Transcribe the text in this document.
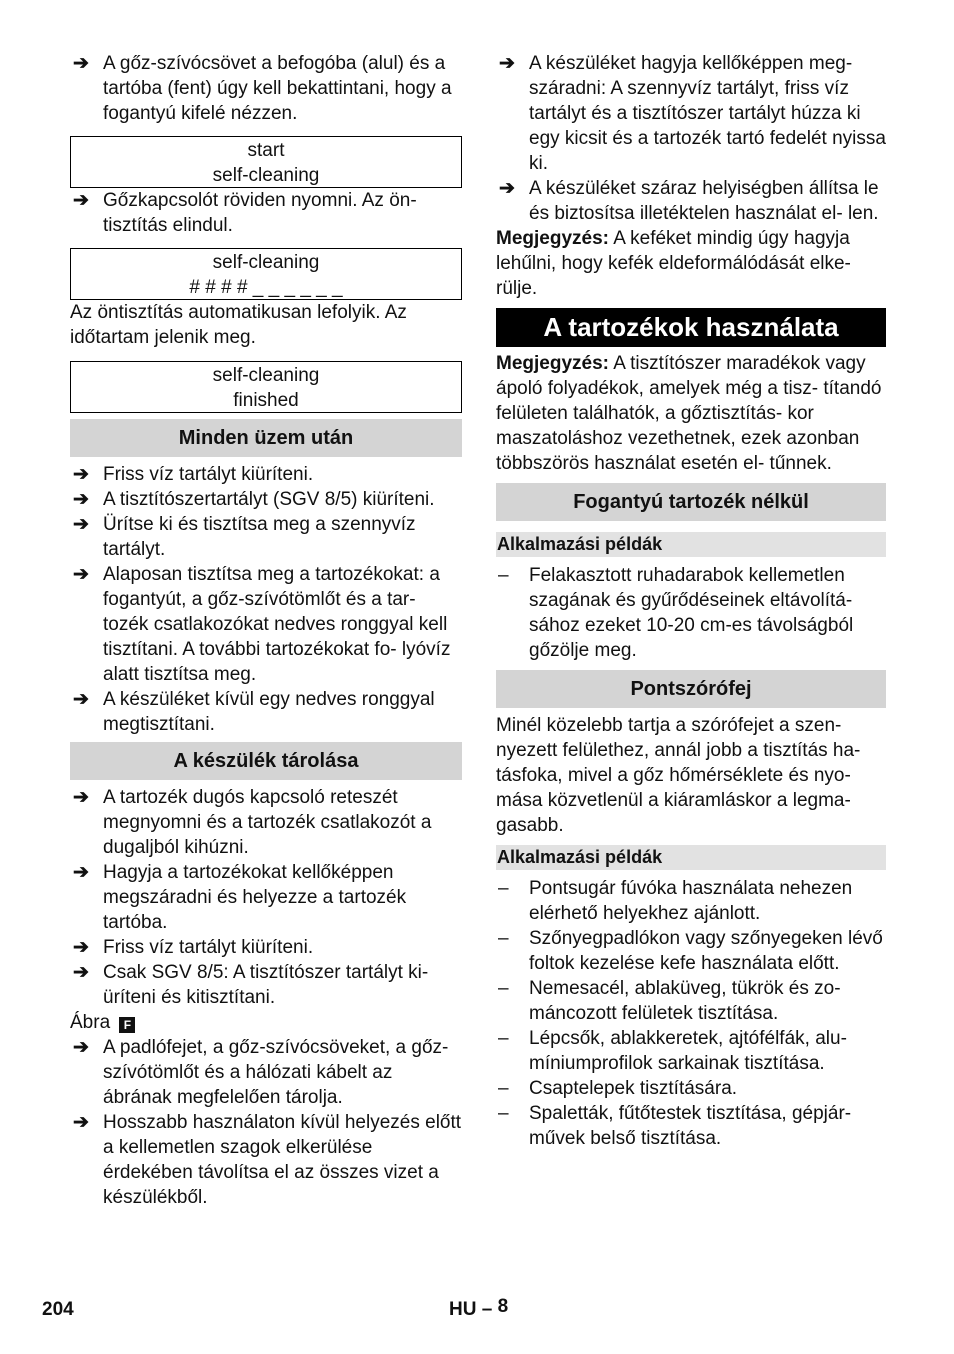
➔ A gőz-szívócsövet a befogóba (alul) és a tartóba (fent) úgy kell bekattintani, hogy a fogantyú kifelé nézzen.
start
self-cleaning
➔ Gőzkapcsolót röviden nyomni. Az ön- tisztítás elindul.
self-cleaning
# # # # _ _ _ _ _ _
Az öntisztítás automatikusan lefolyik. Az időtartam jelenik meg.
self-cleaning
finished
Minden üzem után
➔ Friss víz tartályt kiüríteni.
➔ A tisztítószertartályt (SGV 8/5) kiüríteni.
➔ Ürítse ki és tisztítsa meg a szennyvíz tartályt.
➔ Alaposan tisztítsa meg a tartozékokat: a fogantyút, a gőz-szívótömlőt és a tar- tozék csatlakozókat nedves ronggyal kell tisztítani. A további tartozékokat fo- lyóvíz alatt tisztítsa meg.
➔ A készüléket kívül egy nedves ronggyal megtisztítani.
A készülék tárolása
➔ A tartozék dugós kapcsoló reteszét megnyomni és a tartozék csatlakozót a dugaljból kihúzni.
➔ Hagyja a tartozékokat kellőképpen megszáradni és helyezze a tartozék tartóba.
➔ Friss víz tartályt kiüríteni.
➔ Csak SGV 8/5: A tisztítószer tartályt ki- üríteni és kitisztítani.
Ábra F
➔ A padlófejet, a gőz-szívócsöveket, a gőz-szívótömlőt és a hálózati kábelt az ábrának megfelelően tárolja.
➔ Hosszabb használaton kívül helyezés előtt a kellemetlen szagok elkerülése érdekében távolítsa el az összes vizet a készülékből.
➔ A készüléket hagyja kellőképpen meg- száradni: A szennyvíz tartályt, friss víz tartályt és a tisztítószer tartályt húzza ki egy kicsit és a tartozék tartó fedelét nyissa ki.
➔ A készüléket száraz helyiségben állítsa le és biztosítsa illetéktelen használat el- len.
Megjegyzés: A keféket mindig úgy hagyja lehűlni, hogy kefék eldeformálódását elke- rülje.
A tartozékok használata
Megjegyzés: A tisztítószer maradékok vagy ápoló folyadékok, amelyek még a tisz- títandó felületen találhatók, a gőztisztítás- kor maszatoláshoz vezethetnek, ezek azonban többszörös használat esetén el- tűnnek.
Fogantyú tartozék nélkül
Alkalmazási példák
– Felakasztott ruhadarabok kellemetlen szagának és gyűrődéseinek eltávolítá- sához ezeket 10-20 cm-es távolságból gőzölje meg.
Pontszórófej
Minél közelebb tartja a szórófejet a szen- nyezett felülethez, annál jobb a tisztítás ha- tásfoka, mivel a gőz hőmérséklete és nyo- mása közvetlenül a kiáramláskor a legma- gasabb.
Alkalmazási példák
– Pontsugár fúvóka használata nehezen elérhető helyekhez ajánlott.
– Szőnyegpadlókon vagy szőnyegeken lévő foltok kezelése kefe használata előtt.
– Nemesacél, ablaküveg, tükrök és zo- máncozott felületek tisztítása.
– Lépcsők, ablakkeretek, ajtófélfák, alu- míniumprofilok sarkainak tisztítása.
– Csaptelepek tisztítására.
– Spaletták, fűtőtestek tisztítása, gépjár- művek belső tisztítása.
204	HU – 8
